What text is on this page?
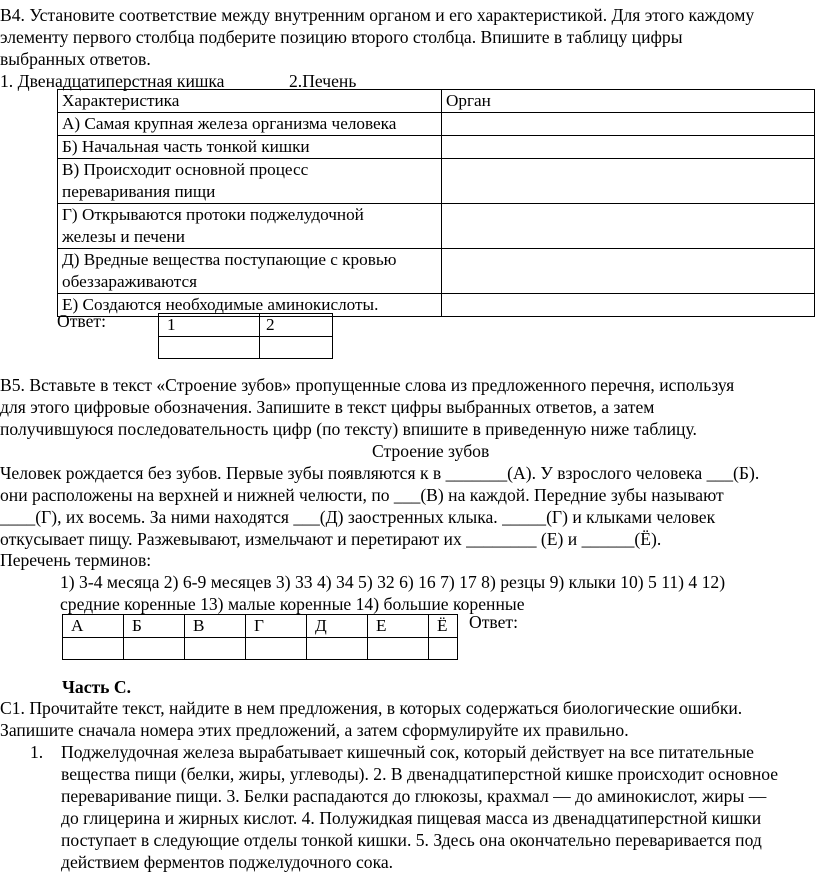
В4. Установите соответствие между внутренним органом и его характеристикой. Для этого каждому
элементу первого столбца подберите позицию второго столбца. Впишите в таблицу цифры
выбранных ответов.
1. Двенадцатиперстная кишка	2.Печень
Характеристика	Орган
А) Самая крупная железа организма человека	
Б) Начальная часть тонкой кишки	
В) Происходит основной процесс
переваривания пищи	
Г) Открываются протоки поджелудочной
железы и печени	
Д) Вредные вещества поступающие с кровью
обеззараживаются	
Е) Создаются необходимые аминокислоты.	
Ответ:	1	2

В5. Вставьте в текст «Строение зубов» пропущенные слова из предложенного перечня, используя
для этого цифровые обозначения. Запишите в текст цифры выбранных ответов, а затем
получившуюся последовательность цифр (по тексту) впишите в приведенную ниже таблицу.
Строение зубов
Человек рождается без зубов. Первые зубы появляются к в _______(А). У взрослого человека ___(Б).
они расположены на верхней и нижней челюсти, по ___(В) на каждой. Передние зубы называют
____(Г), их восемь. За ними находятся ___(Д) заостренных клыка. _____(Г) и клыками человек
откусывает пищу. Разжевывают, измельчают и перетирают их ________ (Е) и ______(Ё).
Перечень терминов:
1) 3-4 месяца 2) 6-9 месяцев 3) 33 4) 34 5) 32 6) 16 7) 17 8) резцы 9) клыки 10) 5 11) 4 12)
средние коренные 13) малые коренные 14) большие коренные
А	Б	В	Г	Д	Е	Ё
						Ответ:
Часть С.
С1. Прочитайте текст, найдите в нем предложения, в которых содержаться биологические ошибки.
Запишите сначала номера этих предложений, а затем сформулируйте их правильно.
1. Поджелудочная железа вырабатывает кишечный сок, который действует на все питательные
вещества пищи (белки, жиры, углеводы). 2. В двенадцатиперстной кишке происходит основное
переваривание пищи. 3. Белки распадаются до глюкозы, крахмал — до аминокислот, жиры —
до глицерина и жирных кислот. 4. Полужидкая пищевая масса из двенадцатиперстной кишки
поступает в следующие отделы тонкой кишки. 5. Здесь она окончательно переваривается под
действием ферментов поджелудочного сока.
